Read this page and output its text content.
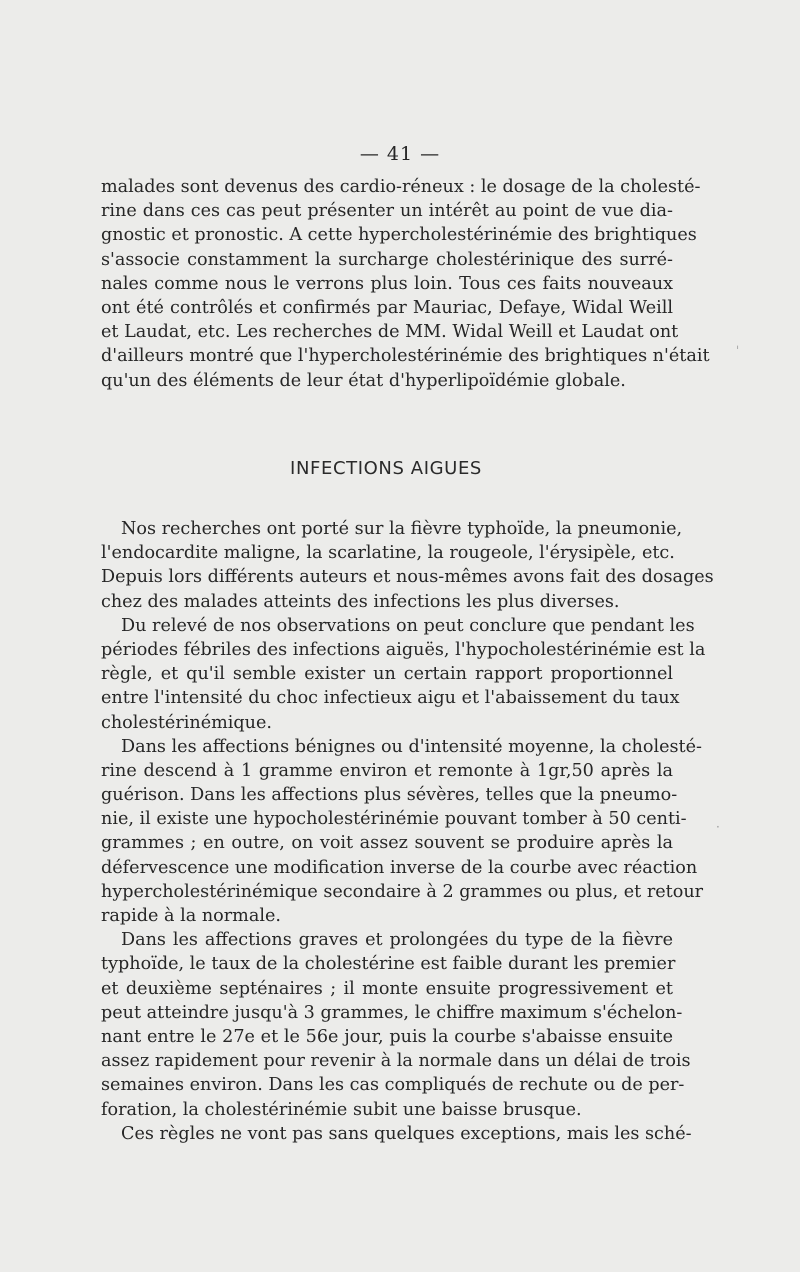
— 41 —
malades sont devenus des cardio-réneux : le dosage de la cholesté-
rine dans ces cas peut présenter un intérêt au point de vue dia-
gnostic et pronostic. A cette hypercholestérinémie des brightiques
s'associe constamment la surcharge cholestérinique des surré-
nales comme nous le verrons plus loin. Tous ces faits nouveaux
ont été contrôlés et confirmés par Mauriac, Defaye, Widal Weill
et Laudat, etc. Les recherches de MM. Widal Weill et Laudat ont
d'ailleurs montré que l'hypercholestérinémie des brightiques n'était
qu'un des éléments de leur état d'hyperlipoïdémie globale.
INFECTIONS AIGUES
Nos recherches ont porté sur la fièvre typhoïde, la pneumonie,
l'endocardite maligne, la scarlatine, la rougeole, l'érysipèle, etc.
Depuis lors différents auteurs et nous-mêmes avons fait des dosages
chez des malades atteints des infections les plus diverses.
Du relevé de nos observations on peut conclure que pendant les
périodes fébriles des infections aiguës, l'hypocholestérinémie est la
règle, et qu'il semble exister un certain rapport proportionnel
entre l'intensité du choc infectieux aigu et l'abaissement du taux
cholestérinémique.
Dans les affections bénignes ou d'intensité moyenne, la cholesté-
rine descend à 1 gramme environ et remonte à 1gr,50 après la
guérison. Dans les affections plus sévères, telles que la pneumo-
nie, il existe une hypocholestérinémie pouvant tomber à 50 centi-
grammes ; en outre, on voit assez souvent se produire après la
défervescence une modification inverse de la courbe avec réaction
hypercholestérinémique secondaire à 2 grammes ou plus, et retour
rapide à la normale.
Dans les affections graves et prolongées du type de la fièvre
typhoïde, le taux de la cholestérine est faible durant les premier
et deuxième septénaires ; il monte ensuite progressivement et
peut atteindre jusqu'à 3 grammes, le chiffre maximum s'échelon-
nant entre le 27e et le 56e jour, puis la courbe s'abaisse ensuite
assez rapidement pour revenir à la normale dans un délai de trois
semaines environ. Dans les cas compliqués de rechute ou de per-
foration, la cholestérinémie subit une baisse brusque.
Ces règles ne vont pas sans quelques exceptions, mais les sché-
ˈ
·
